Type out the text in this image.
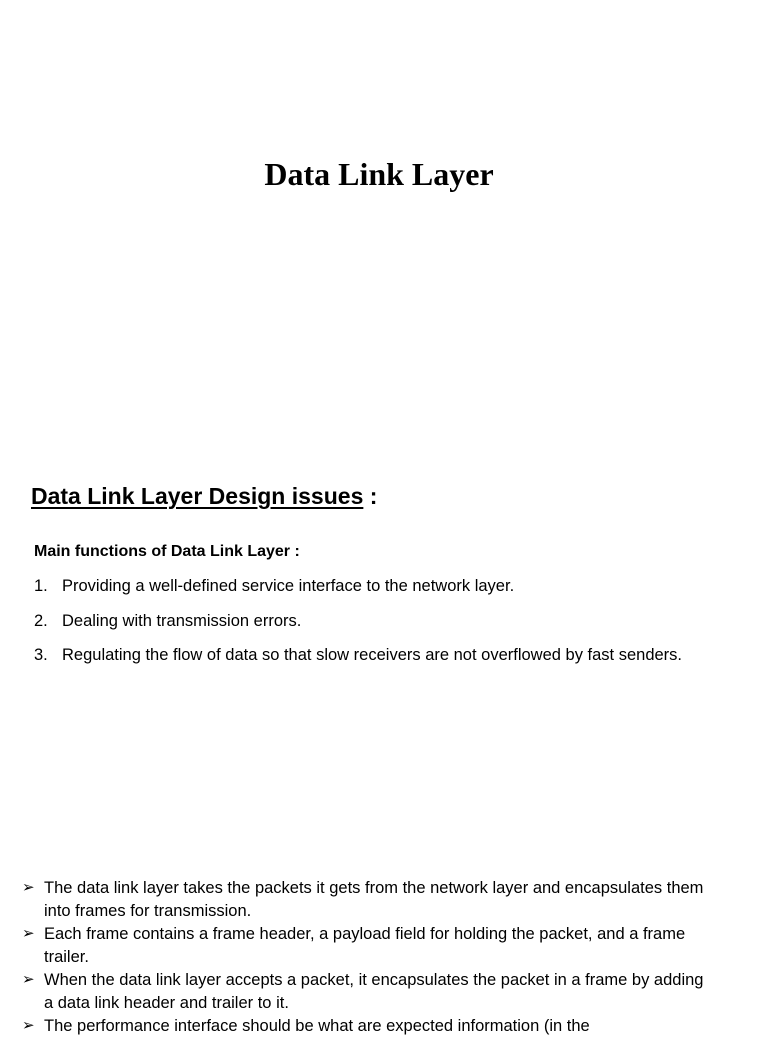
Data Link Layer
Data Link Layer Design issues :

Main functions of Data Link Layer :

1. Providing a well-defined service interface to the network layer.
2. Dealing with transmission errors.
3. Regulating the flow of data so that slow receivers are not overflowed by fast senders.
➢ The data link layer takes the packets it gets from the network layer and encapsulates them into frames for transmission.
➢ Each frame contains a frame header, a payload field for holding the packet, and a frame trailer.
➢ When the data link layer accepts a packet, it encapsulates the packet in a frame by adding a data link header and trailer to it.
➢ The performance interface should be what are expected information (in the
